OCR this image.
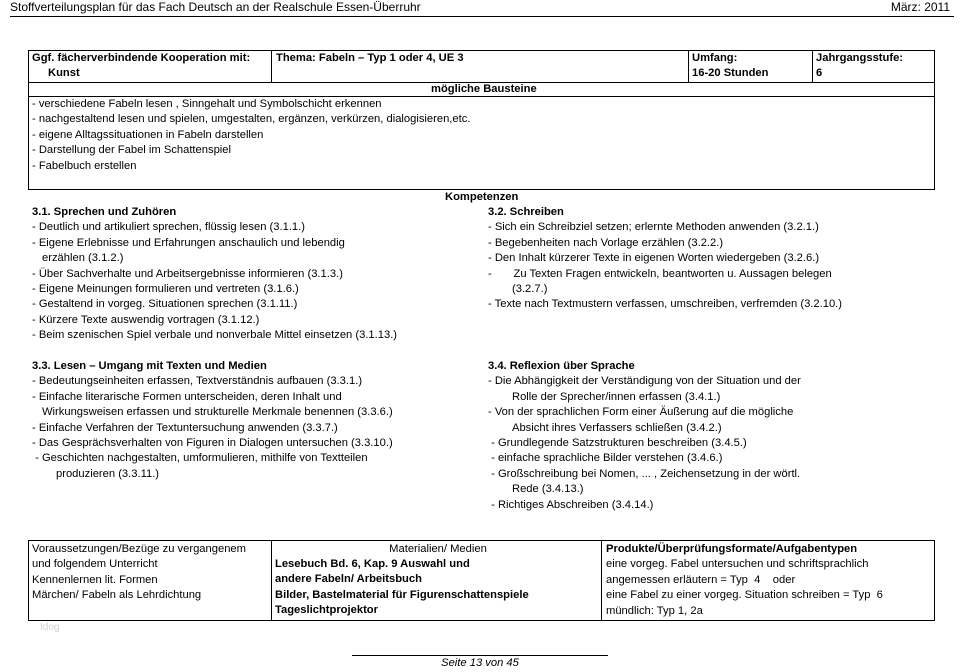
Stoffverteilungsplan für das Fach Deutsch an der Realschule Essen-Überruhr	März: 2011
Ggf. fächerverbindende Kooperation mit:
Kunst
Thema: Fabeln – Typ 1 oder 4, UE 3	Umfang:
16-20 Stunden
Jahrgangsstufe:
6
mögliche Bausteine
- verschiedene Fabeln lesen , Sinngehalt und Symbolschicht erkennen
- nachgestaltend lesen und spielen, umgestalten, ergänzen, verkürzen, dialogisieren,etc.
- eigene Alltagssituationen in Fabeln darstellen
- Darstellung der Fabel im Schattenspiel
- Fabelbuch erstellen
Kompetenzen
3.1. Sprechen und Zuhören
- Deutlich und artikuliert sprechen, flüssig lesen (3.1.1.)
- Eigene Erlebnisse und Erfahrungen anschaulich und lebendig
erzählen (3.1.2.)
- Über Sachverhalte und Arbeitsergebnisse informieren (3.1.3.)
- Eigene Meinungen formulieren und vertreten (3.1.6.)
- Gestaltend in vorgeg. Situationen sprechen (3.1.11.)
- Kürzere Texte auswendig vortragen (3.1.12.)
- Beim szenischen Spiel verbale und nonverbale Mittel einsetzen (3.1.13.)
3.2. Schreiben
- Sich ein Schreibziel setzen; erlernte Methoden anwenden (3.2.1.)
- Begebenheiten nach Vorlage erzählen (3.2.2.)
- Den Inhalt kürzerer Texte in eigenen Worten wiedergeben (3.2.6.)
-       Zu Texten Fragen entwickeln, beantworten u. Aussagen belegen
(3.2.7.)
- Texte nach Textmustern verfassen, umschreiben, verfremden (3.2.10.)
3.3. Lesen – Umgang mit Texten und Medien
- Bedeutungseinheiten erfassen, Textverständnis aufbauen (3.3.1.)
- Einfache literarische Formen unterscheiden, deren Inhalt und
Wirkungsweisen erfassen und strukturelle Merkmale benennen (3.3.6.)
- Einfache Verfahren der Textuntersuchung anwenden (3.3.7.)
- Das Gesprächsverhalten von Figuren in Dialogen untersuchen (3.3.10.)
- Geschichten nachgestalten, umformulieren, mithilfe von Textteilen
produzieren (3.3.11.)
3.4. Reflexion über Sprache
- Die Abhängigkeit der Verständigung von der Situation und der
Rolle der Sprecher/innen erfassen (3.4.1.)
- Von der sprachlichen Form einer Äußerung auf die mögliche
Absicht ihres Verfassers schließen (3.4.2.)
- Grundlegende Satzstrukturen beschreiben (3.4.5.)
- einfache sprachliche Bilder verstehen (3.4.6.)
- Großschreibung bei Nomen, ... , Zeichensetzung in der wörtl.
Rede (3.4.13.)
- Richtiges Abschreiben (3.4.14.)
Voraussetzungen/Bezüge zu vergangenem
und folgendem Unterricht
Kennenlernen lit. Formen
Märchen/ Fabeln als Lehrdichtung
Idog
Materialien/ Medien
Lesebuch Bd. 6, Kap. 9 Auswahl und
andere Fabeln/ Arbeitsbuch
Bilder, Bastelmaterial für Figurenschattenspiele
Tageslichtprojektor
Produkte/Überprüfungsformate/Aufgabentypen
eine vorgeg. Fabel untersuchen und schriftsprachlich
angemessen erläutern = Typ  4    oder
eine Fabel zu einer vorgeg. Situation schreiben = Typ  6
mündlich: Typ 1, 2a
Seite 13 von 45
